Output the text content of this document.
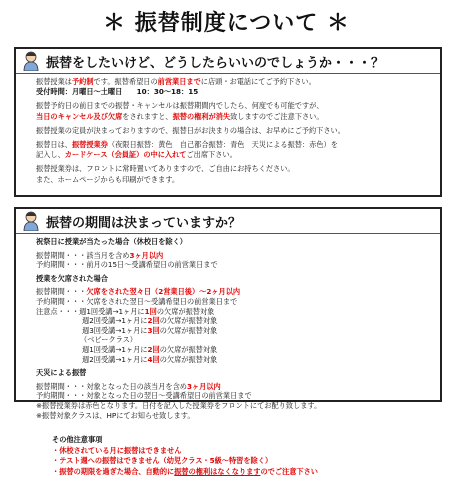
＊ 振替制度について ＊
振替をしたいけど、どうしたらいいのでしょうか・・・？

振替授業は予約制です。振替希望日の前営業日までに店頭・お電話にてご予約下さい。

受付時間：月曜日～土曜日　　10：30～18：15

振替予約日の前日までの振替・キャンセルは振替期間内でしたら、何度でも可能ですが、

当日のキャンセル及び欠席をされますと、振替の権利が消失致しますのでご注意下さい。

振替授業の定員が決まっておりますので、振替日がお決まりの場合は、お早めにご予約下さい。

振替日は、振替授業券（夜限日振替：黄色　自己都合振替：青色　天災による振替：赤色）を

記入し、カードケース（会員証）の中に入れてご出席下さい。

振替授業券は、フロントに常時置いてありますので、ご自由にお持ちください。

また、ホームページからも印刷ができます。

振替の期間は決まっていますか？

祝祭日に授業が当たった場合（休校日を除く）

振替期間・・・該当月を含め3ヶ月以内

予約期間・・・前月の15日～受講希望日の前営業日まで

授業を欠席された場合

振替期間・・・欠席をされた翌々日（2営業日後）～2ヶ月以内

予約期間・・・欠席をされた翌日～受講希望日の前営業日まで

注意点・・・週1回受講→1ヶ月に1回の欠席が振替対象

週2回受講→1ヶ月に2回の欠席が振替対象

週3回受講→1ヶ月に3回の欠席が振替対象

（ベビークラス）

週1回受講→1ヶ月に2回の欠席が振替対象

週2回受講→1ヶ月に4回の欠席が振替対象

天災による振替

振替期間・・・対象となった日の該当月を含め3ヶ月以内

予約期間・・・対象となった日の翌日～受講希望日の前営業日まで

※振替授業券は赤色となります。日付を記入した授業券をフロントにてお配り致します。

※振替対象クラスは、HPにてお知らせ致します。

その他注意事項

・休校されている月に振替はできません

・テスト週への振替はできません（幼児クラス・5級～特習を除く）

・振替の期限を過ぎた場合、自動的に振替の権利はなくなりますのでご注意下さい
